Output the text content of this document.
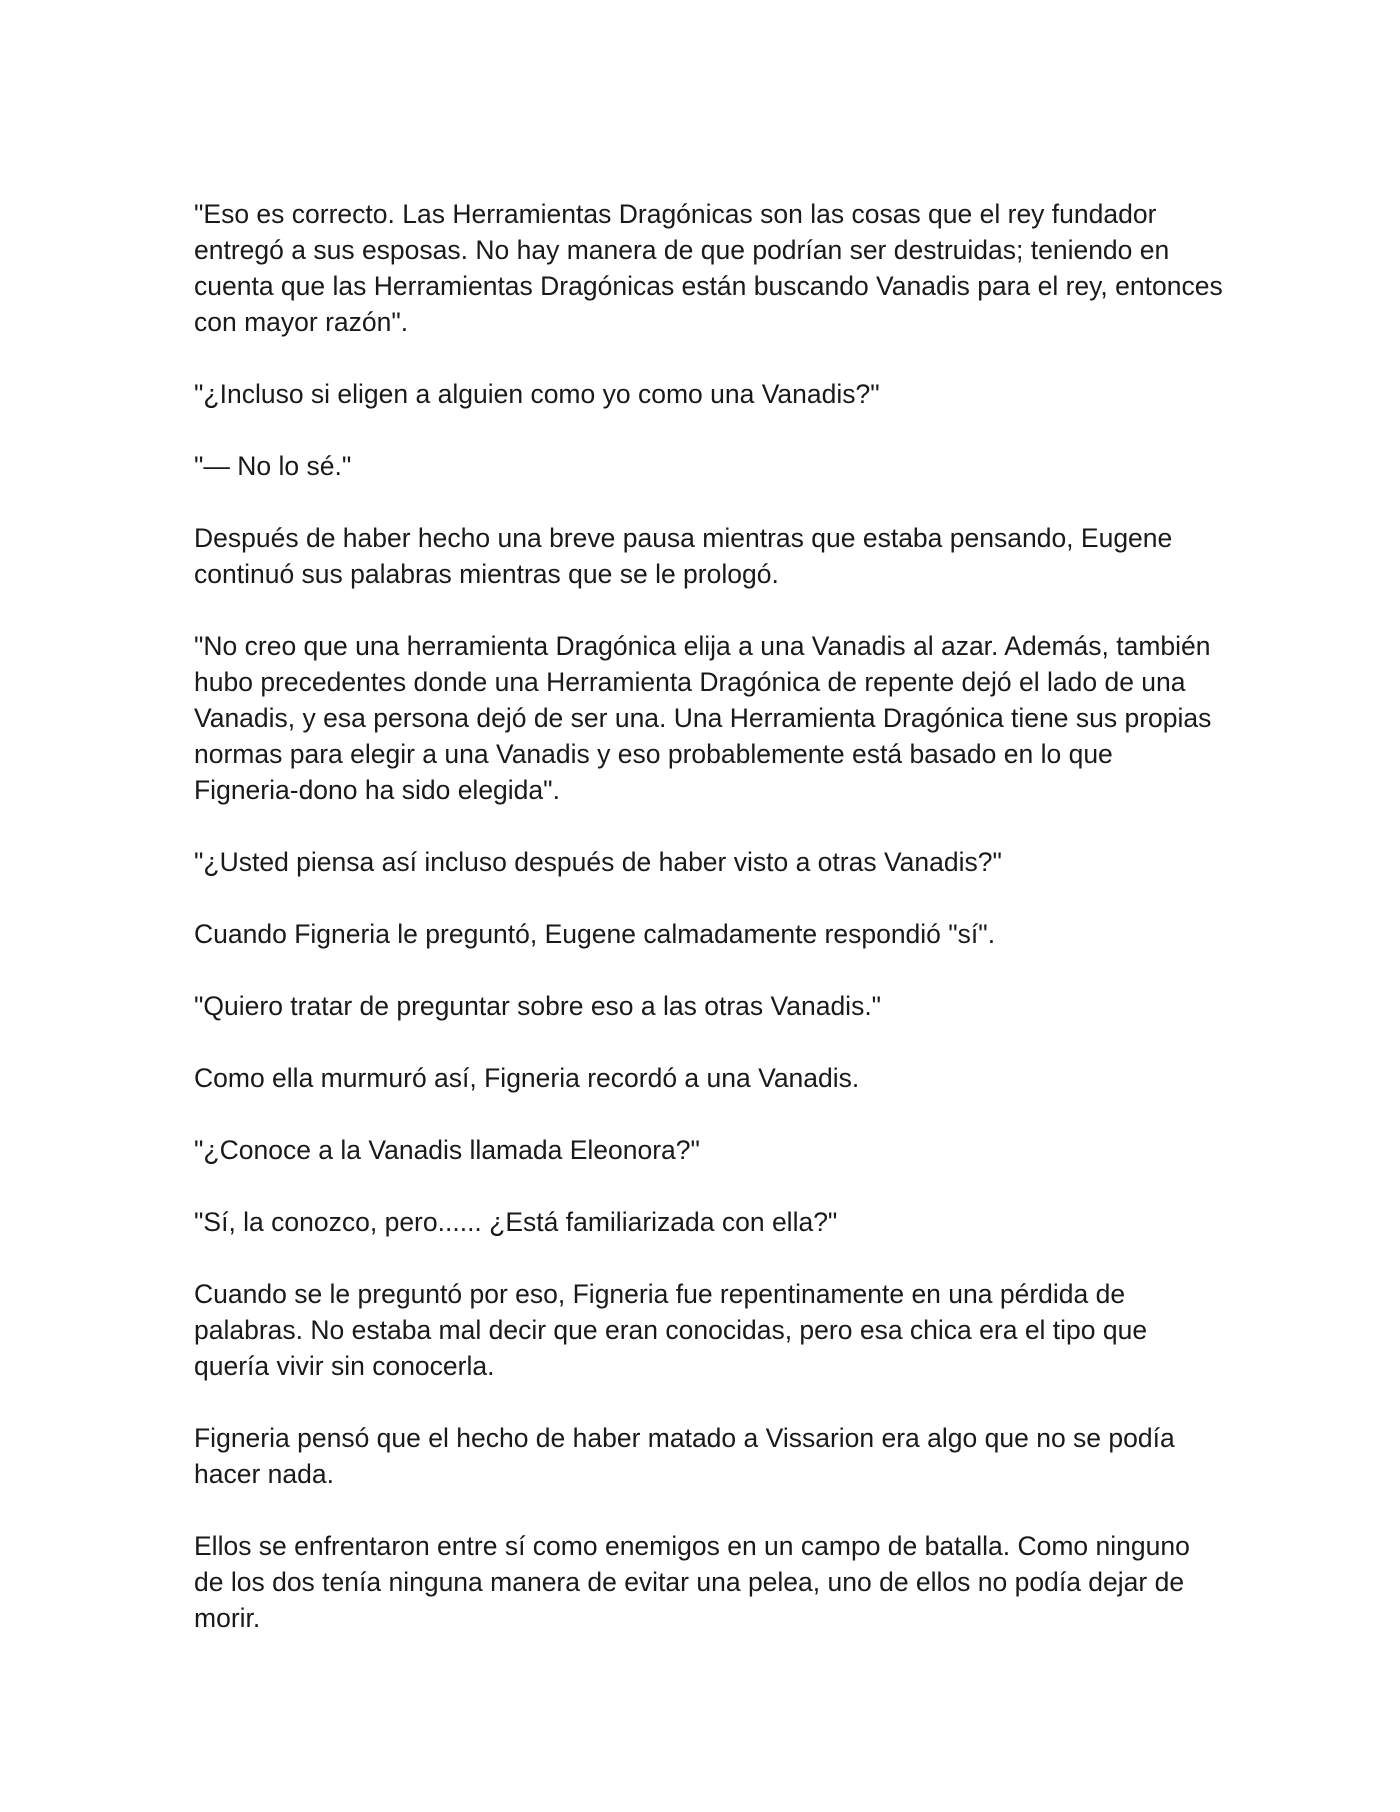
"Eso es correcto. Las Herramientas Dragónicas son las cosas que el rey fundador entregó a sus esposas. No hay manera de que podrían ser destruidas; teniendo en cuenta que las Herramientas Dragónicas están buscando Vanadis para el rey, entonces con mayor razón".

"¿Incluso si eligen a alguien como yo como una Vanadis?"

"— No lo sé."

Después de haber hecho una breve pausa mientras que estaba pensando, Eugene continuó sus palabras mientras que se le prologó.

"No creo que una herramienta Dragónica elija a una Vanadis al azar. Además, también hubo precedentes donde una Herramienta Dragónica de repente dejó el lado de una Vanadis, y esa persona dejó de ser una. Una Herramienta Dragónica tiene sus propias normas para elegir a una Vanadis y eso probablemente está basado en lo que Figneria-dono ha sido elegida".

"¿Usted piensa así incluso después de haber visto a otras Vanadis?"

Cuando Figneria le preguntó, Eugene calmadamente respondió "sí".

"Quiero tratar de preguntar sobre eso a las otras Vanadis."

Como ella murmuró así, Figneria recordó a una Vanadis.

"¿Conoce a la Vanadis llamada Eleonora?"

"Sí, la conozco, pero...... ¿Está familiarizada con ella?"

Cuando se le preguntó por eso, Figneria fue repentinamente en una pérdida de palabras. No estaba mal decir que eran conocidas, pero esa chica era el tipo que quería vivir sin conocerla.

Figneria pensó que el hecho de haber matado a Vissarion era algo que no se podía hacer nada.

Ellos se enfrentaron entre sí como enemigos en un campo de batalla. Como ninguno de los dos tenía ninguna manera de evitar una pelea, uno de ellos no podía dejar de morir.
